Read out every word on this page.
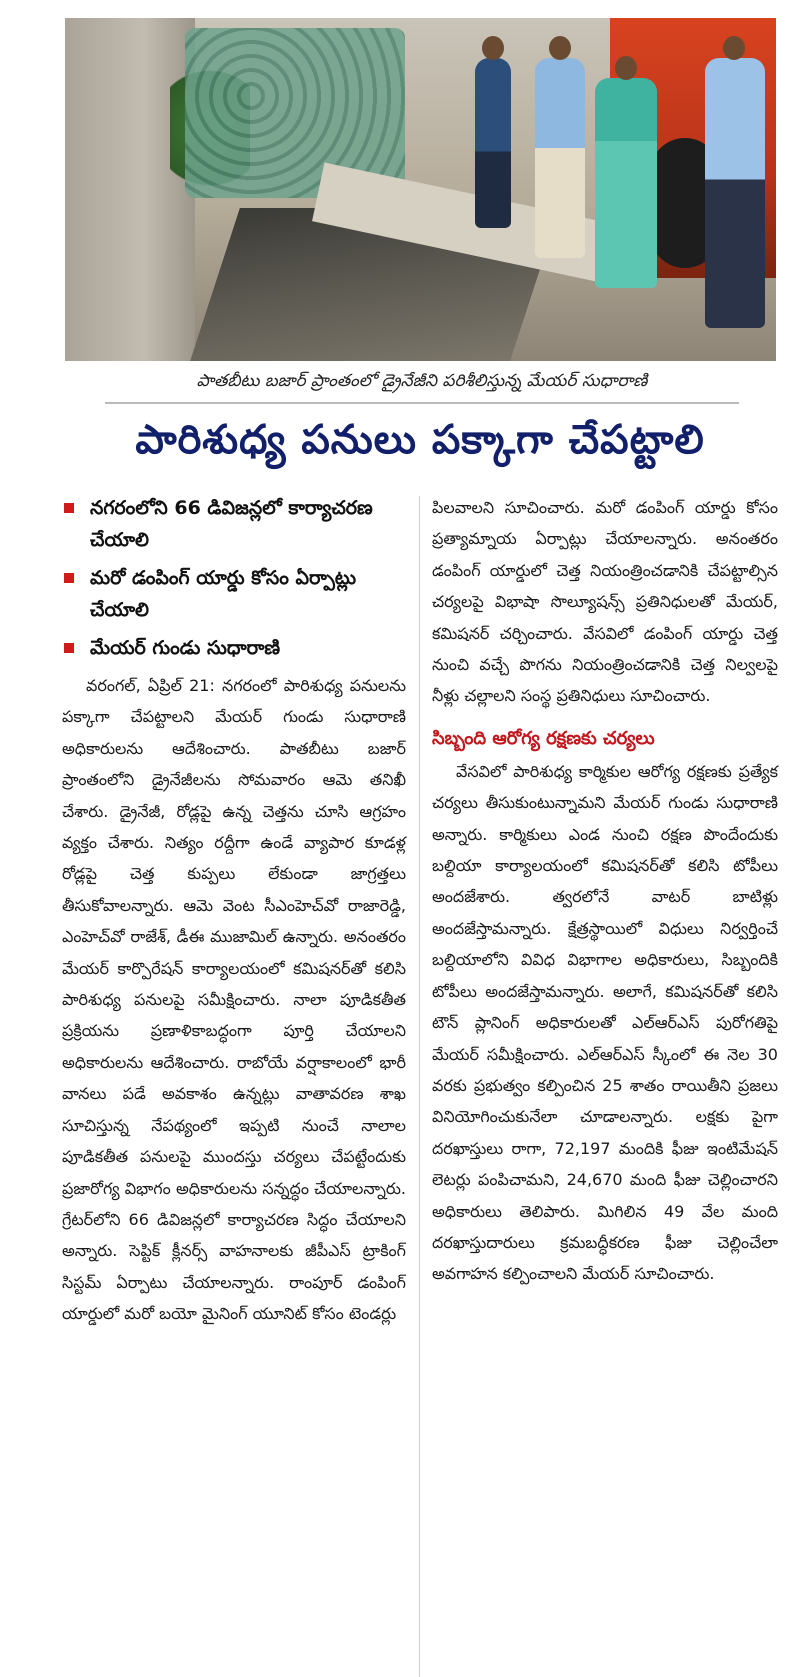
పాతబీటు బజార్ ప్రాంతంలో డ్రైనేజీని పరిశీలిస్తున్న మేయర్ సుధారాణి
పారిశుధ్య పనులు పక్కాగా చేపట్టాలి
నగరంలోని 66 డివిజన్లలో కార్యాచరణ చేయాలి
మరో డంపింగ్ యార్డు కోసం ఏర్పాట్లు చేయాలి
మేయర్ గుండు సుధారాణి

వరంగల్, ఏప్రిల్ 21: నగరంలో పారిశుధ్య పనులను పక్కాగా చేపట్టాలని మేయర్ గుండు సుధారాణి అధికారులను ఆదేశించారు. పాతబీటు బజార్ ప్రాంతంలోని డ్రైనేజీలను సోమవారం ఆమె తనిఖీ చేశారు. డ్రైనేజీ, రోడ్లపై ఉన్న చెత్తను చూసి ఆగ్రహం వ్యక్తం చేశారు. నిత్యం రద్దీగా ఉండే వ్యాపార కూడళ్ల రోడ్లపై చెత్త కుప్పలు లేకుండా జాగ్రత్తలు తీసుకోవాలన్నారు. ఆమె వెంట సీఎంహెచ్‌వో రాజారెడ్డి, ఎంహెచ్‌వో రాజేశ్, డీఈ ముజామిల్ ఉన్నారు. అనంతరం మేయర్ కార్పొరేషన్ కార్యాలయంలో కమిషనర్‌తో కలిసి పారిశుధ్య పనులపై సమీక్షించారు. నాలా పూడికతీత ప్రక్రియను ప్రణాళికాబద్ధంగా పూర్తి చేయాలని అధికారులను ఆదేశించారు. రాబోయే వర్షాకాలంలో భారీ వానలు పడే అవకాశం ఉన్నట్లు వాతావరణ శాఖ సూచిస్తున్న నేపథ్యంలో ఇప్పటి నుంచే నాలాల పూడికతీత పనులపై ముందస్తు చర్యలు చేపట్టేందుకు ప్రజారోగ్య విభాగం అధికారులను సన్నద్ధం చేయాలన్నారు. గ్రేటర్‌లోని 66 డివిజన్లలో కార్యాచరణ సిద్ధం చేయాలని అన్నారు. సెప్టిక్ క్లీనర్స్ వాహనాలకు జీపీఎస్ ట్రాకింగ్ సిస్టమ్ ఏర్పాటు చేయాలన్నారు. రాంపూర్ డంపింగ్ యార్డులో మరో బయో మైనింగ్ యూనిట్ కోసం టెండర్లు

పిలవాలని సూచించారు. మరో డంపింగ్ యార్డు కోసం ప్రత్యామ్నాయ ఏర్పాట్లు చేయాలన్నారు. అనంతరం డంపింగ్ యార్డులో చెత్త నియంత్రించడానికి చేపట్టాల్సిన చర్యలపై విభాషా సొల్యూషన్స్ ప్రతినిధులతో మేయర్, కమిషనర్ చర్చించారు. వేసవిలో డంపింగ్ యార్డు చెత్త నుంచి వచ్చే పొగను నియంత్రించడానికి చెత్త నిల్వలపై నీళ్లు చల్లాలని సంస్థ ప్రతినిధులు సూచించారు.

సిబ్బంది ఆరోగ్య రక్షణకు చర్యలు

వేసవిలో పారిశుధ్య కార్మికుల ఆరోగ్య రక్షణకు ప్రత్యేక చర్యలు తీసుకుంటున్నామని మేయర్ గుండు సుధారాణి అన్నారు. కార్మికులు ఎండ నుంచి రక్షణ పొందేందుకు బల్దియా కార్యాలయంలో కమిషనర్‌తో కలిసి టోపీలు అందజేశారు. త్వరలోనే వాటర్ బాటిళ్లు అందజేస్తామన్నారు. క్షేత్రస్థాయిలో విధులు నిర్వర్తించే బల్దియాలోని వివిధ విభాగాల అధికారులు, సిబ్బందికి టోపీలు అందజేస్తామన్నారు. అలాగే, కమిషనర్‌తో కలిసి టౌన్ ప్లానింగ్ అధికారులతో ఎల్ఆర్ఎస్ పురోగతిపై మేయర్ సమీక్షించారు. ఎల్ఆర్ఎస్ స్కీంలో ఈ నెల 30 వరకు ప్రభుత్వం కల్పించిన 25 శాతం రాయితీని ప్రజలు వినియోగించుకునేలా చూడాలన్నారు. లక్షకు పైగా దరఖాస్తులు రాగా, 72,197 మందికి ఫీజు ఇంటిమేషన్ లెటర్లు పంపిచామని, 24,670 మంది ఫీజు చెల్లించారని అధికారులు తెలిపారు. మిగిలిన 49 వేల మంది దరఖాస్తుదారులు క్రమబద్ధీకరణ ఫీజు చెల్లించేలా అవగాహన కల్పించాలని మేయర్ సూచించారు.
